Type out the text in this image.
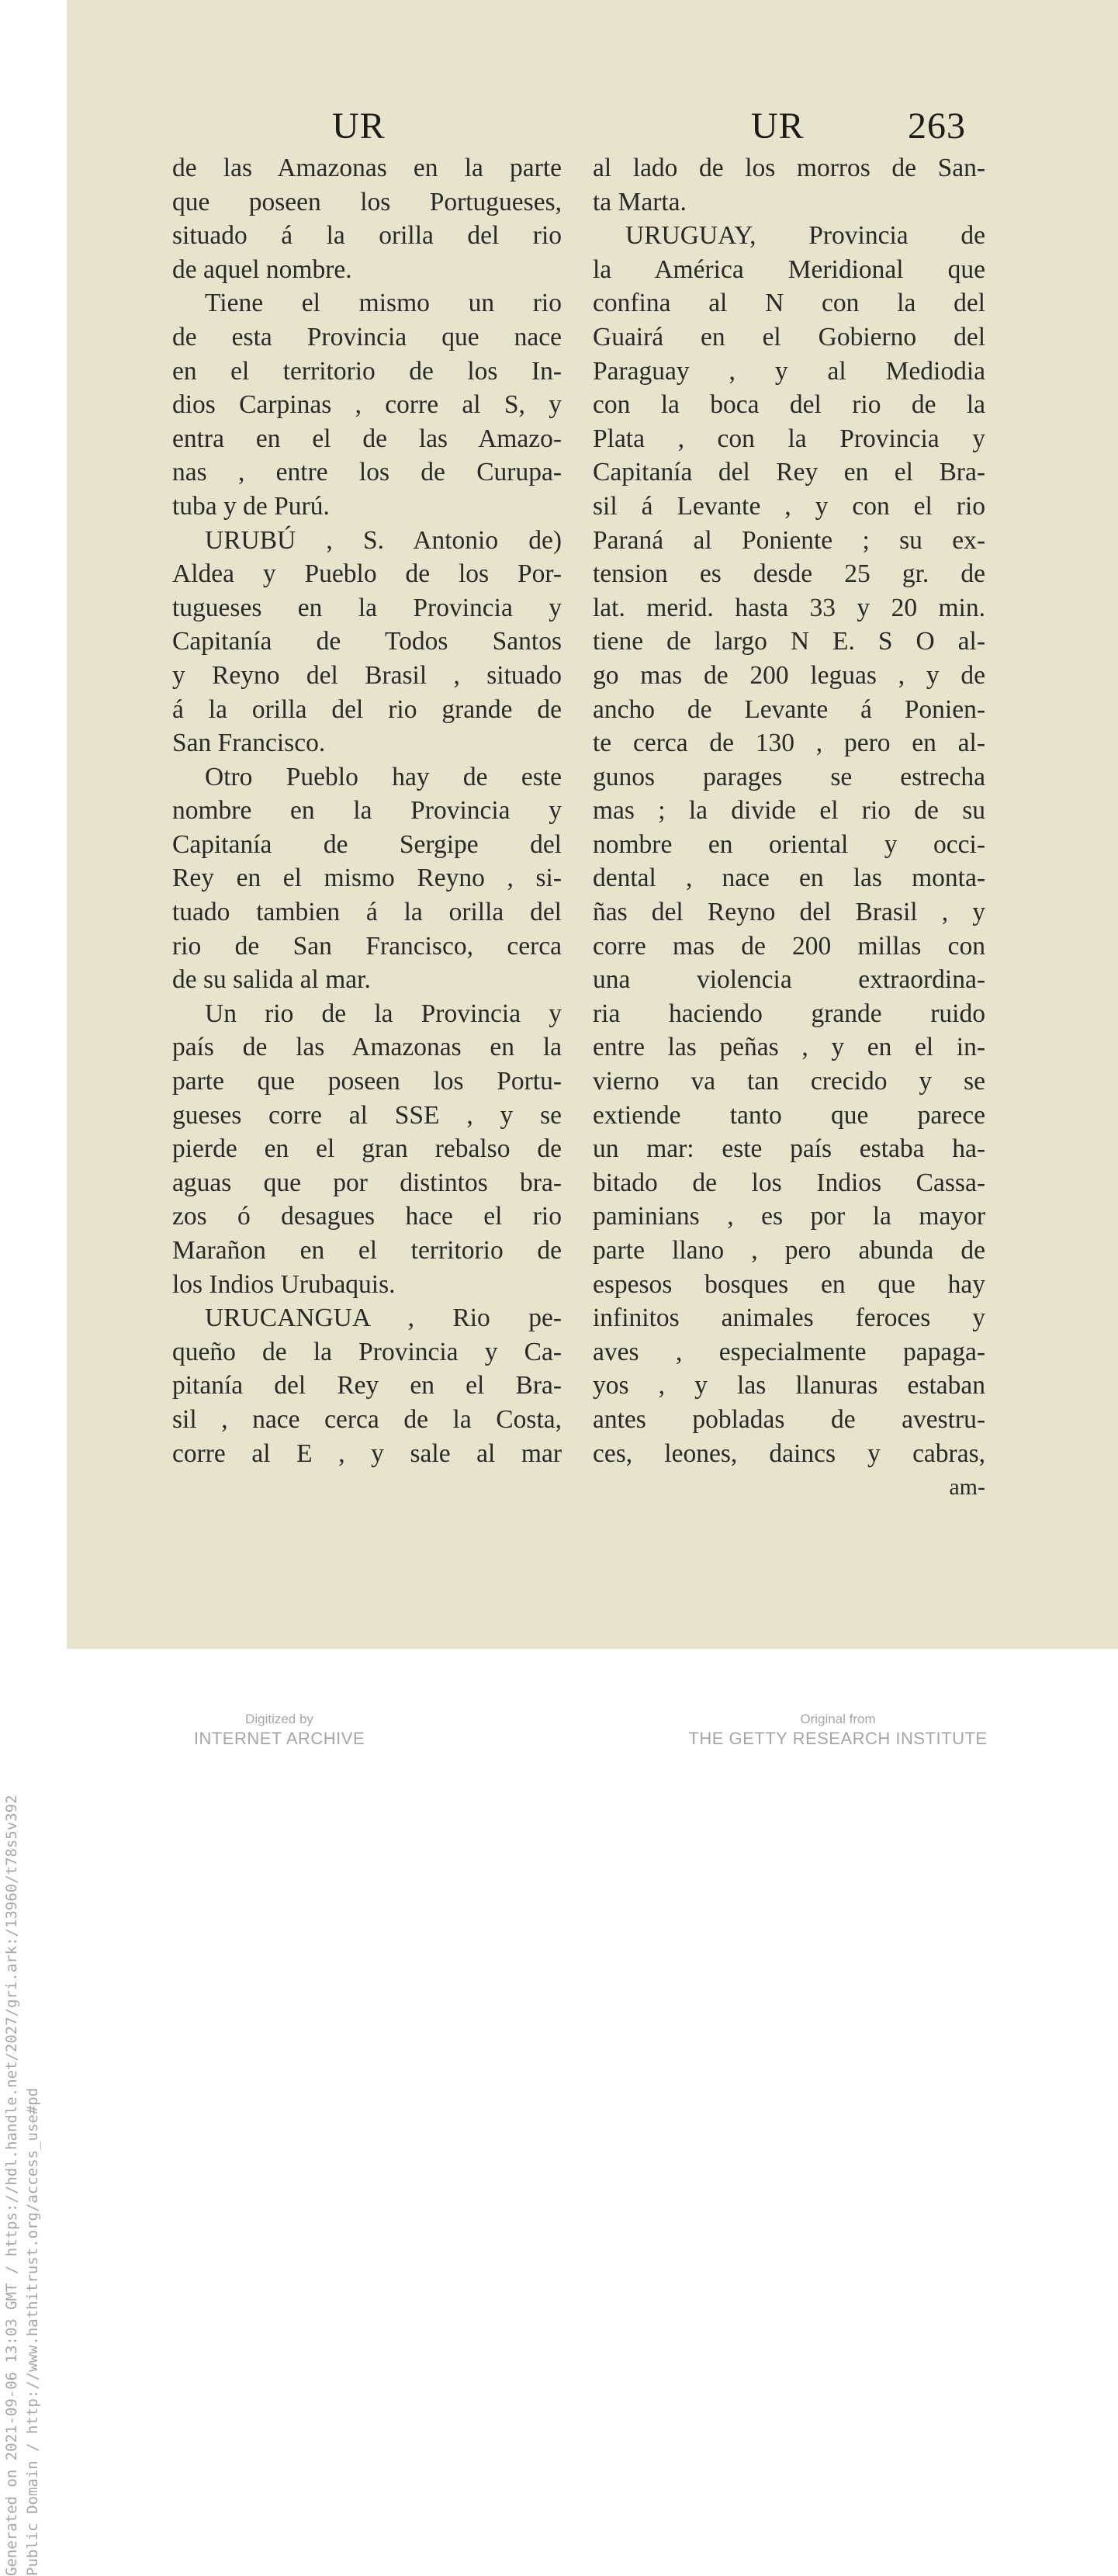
Generated on 2021-09-06 13:03 GMT / https://hdl.handle.net/2027/gri.ark:/13960/t78s5v392 Public Domain / http://www.hathitrust.org/access_use#pd
UR	UR	263
de las Amazonas en la parte
que poseen los Portugueses,
situado á la orilla del rio
de aquel nombre.
Tiene el mismo un rio
de esta Provincia que nace
en el territorio de los In-
dios Carpinas , corre al S, y
entra en el de las Amazo-
nas , entre los de Curupa-
tuba y de Purú.
URUBÚ , S. Antonio de)
Aldea y Pueblo de los Por-
tugueses en la Provincia y
Capitanía de Todos Santos
y Reyno del Brasil , situado
á la orilla del rio grande de
San Francisco.
Otro Pueblo hay de este
nombre en la Provincia y
Capitanía de Sergipe del
Rey en el mismo Reyno , si-
tuado tambien á la orilla del
rio de San Francisco, cerca
de su salida al mar.
Un rio de la Provincia y
país de las Amazonas en la
parte que poseen los Portu-
gueses corre al SSE , y se
pierde en el gran rebalso de
aguas que por distintos bra-
zos ó desagues hace el rio
Marañon en el territorio de
los Indios Urubaquis.
URUCANGUA , Rio pe-
queño de la Provincia y Ca-
pitanía del Rey en el Bra-
sil , nace cerca de la Costa,
corre al E , y sale al mar
al lado de los morros de San-
ta Marta.
URUGUAY, Provincia de
la América Meridional que
confina al N con la del
Guairá en el Gobierno del
Paraguay , y al Mediodia
con la boca del rio de la
Plata , con la Provincia y
Capitanía del Rey en el Bra-
sil á Levante , y con el rio
Paraná al Poniente ; su ex-
tension es desde 25 gr. de
lat. merid. hasta 33 y 20 min.
tiene de largo N E. S O al-
go mas de 200 leguas , y de
ancho de Levante á Ponien-
te cerca de 130 , pero en al-
gunos parages se estrecha
mas ; la divide el rio de su
nombre en oriental y occi-
dental , nace en las monta-
ñas del Reyno del Brasil , y
corre mas de 200 millas con
una violencia extraordina-
ria haciendo grande ruido
entre las peñas , y en el in-
vierno va tan crecido y se
extiende tanto que parece
un mar: este país estaba ha-
bitado de los Indios Cassa-
paminians , es por la mayor
parte llano , pero abunda de
espesos bosques en que hay
infinitos animales feroces y
aves , especialmente papaga-
yos , y las llanuras estaban
antes pobladas de avestru-
ces, leones, daincs y cabras,
am-
Digitized by
INTERNET ARCHIVE
Original from
THE GETTY RESEARCH INSTITUTE
